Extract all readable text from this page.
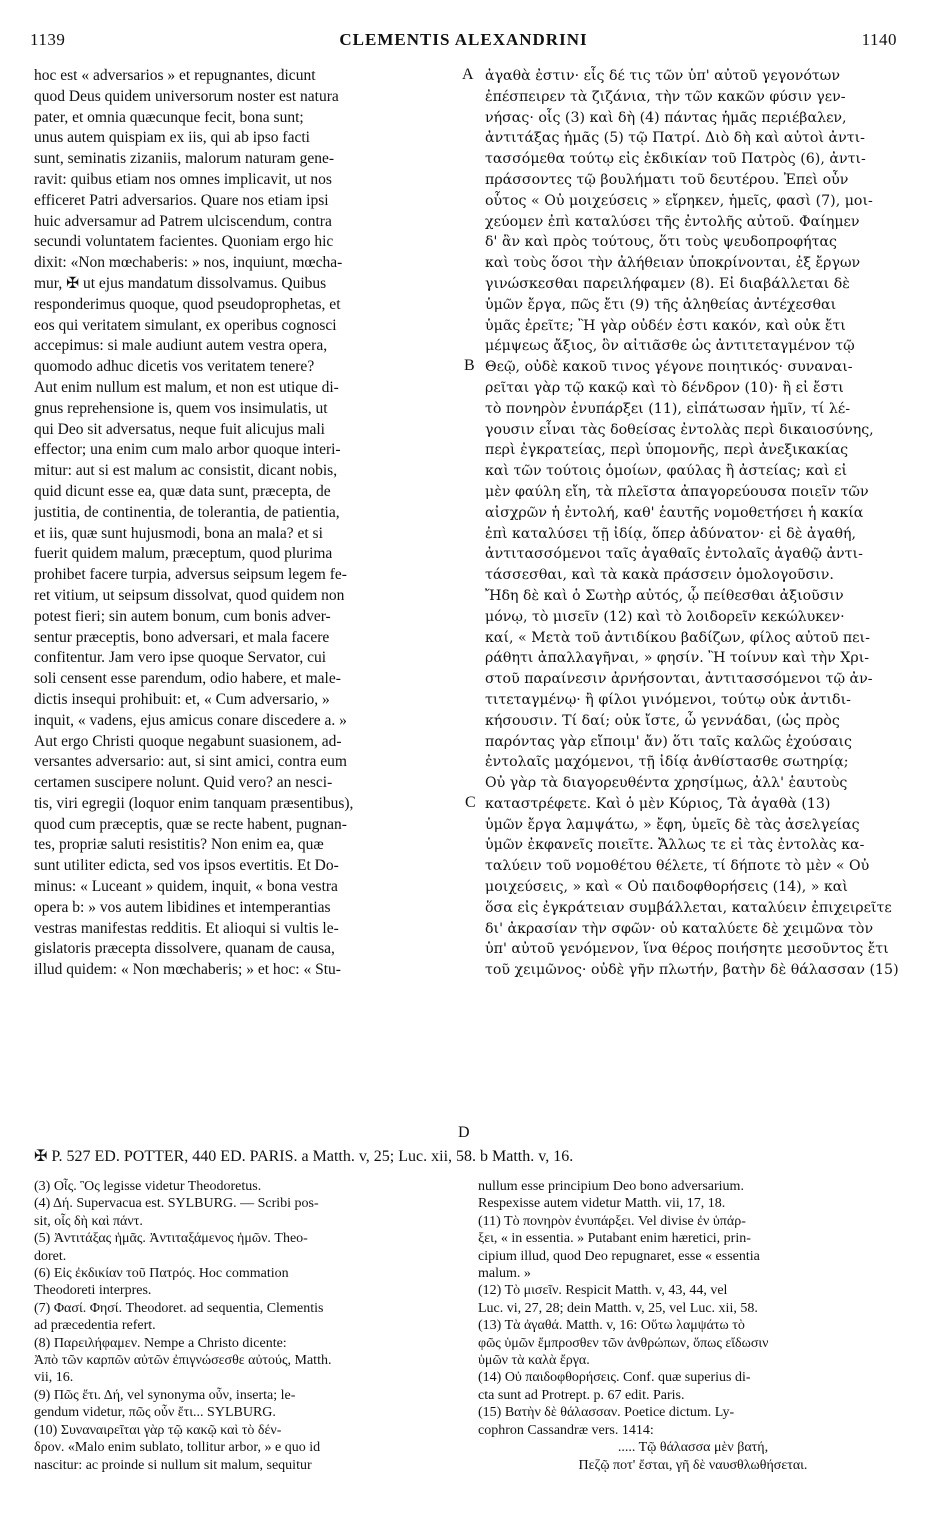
1139	CLEMENTIS ALEXANDRINI	1140
hoc est « adversarios » et repugnantes, dicunt
quod Deus quidem universorum noster est natura
pater, et omnia quæcunque fecit, bona sunt;
unus autem quispiam ex iis, qui ab ipso facti
sunt, seminatis zizaniis, malorum naturam gene-
ravit: quibus etiam nos omnes implicavit, ut nos
efficeret Patri adversarios. Quare nos etiam ipsi
huic adversamur ad Patrem ulciscendum, contra
secundi voluntatem facientes. Quoniam ergo hic
dixit: «Non mœchaberis: » nos, inquiunt, mœcha-
mur, ✠ ut ejus mandatum dissolvamus. Quibus
responderimus quoque, quod pseudoprophetas, et
eos qui veritatem simulant, ex operibus cognosci
accepimus: si male audiunt autem vestra opera,
quomodo adhuc dicetis vos veritatem tenere?
Aut enim nullum est malum, et non est utique di-
gnus reprehensione is, quem vos insimulatis, ut
qui Deo sit adversatus, neque fuit alicujus mali
effector; una enim cum malo arbor quoque interi-
mitur: aut si est malum ac consistit, dicant nobis,
quid dicunt esse ea, quæ data sunt, præcepta, de
justitia, de continentia, de tolerantia, de patientia,
et iis, quæ sunt hujusmodi, bona an mala? et si
fuerit quidem malum, præceptum, quod plurima
prohibet facere turpia, adversus seipsum legem fe-
ret vitium, ut seipsum dissolvat, quod quidem non
potest fieri; sin autem bonum, cum bonis adver-
sentur præceptis, bono adversari, et mala facere
confitentur. Jam vero ipse quoque Servator, cui
soli censent esse parendum, odio habere, et male-
dictis insequi prohibuit: et, « Cum adversario, »
inquit, « vadens, ejus amicus conare discedere a. »
Aut ergo Christi quoque negabunt suasionem, ad-
versantes adversario: aut, si sint amici, contra eum
certamen suscipere nolunt. Quid vero? an nesci-
tis, viri egregii (loquor enim tanquam præsentibus),
quod cum præceptis, quæ se recte habent, pugnan-
tes, propriæ saluti resistitis? Non enim ea, quæ
sunt utiliter edicta, sed vos ipsos evertitis. Et Do-
minus: « Luceant » quidem, inquit, « bona vestra
opera b: » vos autem libidines et intemperantias
vestras manifestas redditis. Et alioqui si vultis le-
gislatoris præcepta dissolvere, quanam de causa,
illud quidem: « Non mœchaberis; » et hoc: « Stu-
A
B
C
ἀγαθὰ ἐστιν· εἷς δέ τις τῶν ὑπ' αὐτοῦ γεγονότων
ἐπέσπειρεν τὰ ζιζάνια, τὴν τῶν κακῶν φύσιν γεν-
νήσας· οἷς (3) καὶ δὴ (4) πάντας ἡμᾶς περιέβαλεν,
ἀντιτάξας ἡμᾶς (5) τῷ Πατρί. Διὸ δὴ καὶ αὐτοὶ ἀντι-
τασσόμεθα τούτῳ εἰς ἐκδικίαν τοῦ Πατρὸς (6), ἀντι-
πράσσοντες τῷ βουλήματι τοῦ δευτέρου. Ἐπεὶ οὖν
οὗτος « Οὐ μοιχεύσεις » εἴρηκεν, ἡμεῖς, φασὶ (7), μοι-
χεύομεν ἐπὶ καταλύσει τῆς ἐντολῆς αὐτοῦ. Φαίημεν
δ' ἂν καὶ πρὸς τούτους, ὅτι τοὺς ψευδοπροφήτας
καὶ τοὺς ὅσοι τὴν ἀλήθειαν ὑποκρίνονται, ἐξ ἔργων
γινώσκεσθαι παρειλήφαμεν (8). Εἰ διαβάλλεται δὲ
ὑμῶν ἔργα, πῶς ἔτι (9) τῆς ἀληθείας ἀντέχεσθαι
ὑμᾶς ἐρεῖτε; Ἢ γὰρ οὐδέν ἐστι κακόν, καὶ οὐκ ἔτι
μέμψεως ἄξιος, ὃν αἰτιᾶσθε ὡς ἀντιτεταγμένον τῷ
Θεῷ, οὐδὲ κακοῦ τινος γέγονε ποιητικός· συναναι-
ρεῖται γὰρ τῷ κακῷ καὶ τὸ δένδρον (10)· ἢ εἰ ἔστι
τὸ πονηρὸν ἐνυπάρξει (11), εἰπάτωσαν ἡμῖν, τί λέ-
γουσιν εἶναι τὰς δοθείσας ἐντολὰς περὶ δικαιοσύνης,
περὶ ἐγκρατείας, περὶ ὑπομονῆς, περὶ ἀνεξικακίας
καὶ τῶν τούτοις ὁμοίων, φαύλας ἢ ἀστείας; καὶ εἰ
μὲν φαύλη εἴη, τὰ πλεῖστα ἀπαγορεύουσα ποιεῖν τῶν
αἰσχρῶν ἡ ἐντολή, καθ' ἑαυτῆς νομοθετήσει ἡ κακία
ἐπὶ καταλύσει τῇ ἰδίᾳ, ὅπερ ἀδύνατον· εἰ δὲ ἀγαθή,
ἀντιτασσόμενοι ταῖς ἀγαθαῖς ἐντολαῖς ἀγαθῷ ἀντι-
τάσσεσθαι, καὶ τὰ κακὰ πράσσειν ὁμολογοῦσιν.
Ἤδη δὲ καὶ ὁ Σωτὴρ αὐτός, ᾧ πείθεσθαι ἀξιοῦσιν
μόνῳ, τὸ μισεῖν (12) καὶ τὸ λοιδορεῖν κεκώλυκεν·
καί, « Μετὰ τοῦ ἀντιδίκου βαδίζων, φίλος αὐτοῦ πει-
ράθητι ἀπαλλαγῆναι, » φησίν. Ἢ τοίνυν καὶ τὴν Χρι-
στοῦ παραίνεσιν ἀρνήσονται, ἀντιτασσόμενοι τῷ ἀν-
τιτεταγμένῳ· ἢ φίλοι γινόμενοι, τούτῳ οὐκ ἀντιδι-
κήσουσιν. Τί δαί; οὐκ ἴστε, ὦ γεννάδαι, (ὡς πρὸς
παρόντας γὰρ εἴποιμ' ἄν) ὅτι ταῖς καλῶς ἐχούσαις
ἐντολαῖς μαχόμενοι, τῇ ἰδίᾳ ἀνθίστασθε σωτηρίᾳ;
Οὐ γὰρ τὰ διαγορευθέντα χρησίμως, ἀλλ' ἑαυτοὺς
καταστρέφετε. Καὶ ὁ μὲν Κύριος, Τὰ ἀγαθὰ (13)
ὑμῶν ἔργα λαμψάτω, » ἔφη, ὑμεῖς δὲ τὰς ἀσελγείας
ὑμῶν ἐκφανεῖς ποιεῖτε. Ἄλλως τε εἰ τὰς ἐντολὰς κα-
ταλύειν τοῦ νομοθέτου θέλετε, τί δήποτε τὸ μὲν « Οὐ
μοιχεύσεις, » καὶ « Οὐ παιδοφθορήσεις (14), » καὶ
ὅσα εἰς ἐγκράτειαν συμβάλλεται, καταλύειν ἐπιχειρεῖτε
δι' ἀκρασίαν τὴν σφῶν· οὐ καταλύετε δὲ χειμῶνα τὸν
ὑπ' αὐτοῦ γενόμενον, ἵνα θέρος ποιήσητε μεσοῦντος ἔτι
τοῦ χειμῶνος· οὐδὲ γῆν πλωτήν, βατὴν δὲ θάλασσαν (15)
D
✠ P. 527 ED. POTTER, 440 ED. PARIS. a Matth. v, 25; Luc. xii, 58. b Matth. v, 16.
(3) Οἷς. Ὃς legisse videtur Theodoretus.
(4) Δή. Supervacua est. SYLBURG. — Scribi pos-
sit, οἷς δὴ καὶ πάντ.
(5) Ἀντιτάξας ἡμᾶς. Ἀντιταξάμενος ἡμῶν. Theo-
doret.
(6) Εἰς ἐκδικίαν τοῦ Πατρός. Hoc commation
Theodoreti interpres.
(7) Φασί. Φησί. Theodoret. ad sequentia, Clementis
ad præcedentia refert.
(8) Παρειλήφαμεν. Nempe a Christo dicente:
Ἀπὸ τῶν καρπῶν αὐτῶν ἐπιγνώσεσθε αὐτούς, Matth.
vii, 16.
(9) Πῶς ἔτι. Δή, vel synonyma οὖν, inserta; le-
gendum videtur, πῶς οὖν ἔτι... SYLBURG.
(10) Συναναιρεῖται γὰρ τῷ κακῷ καὶ τὸ δέν-
δρον. «Malo enim sublato, tollitur arbor, » e quo id
nascitur: ac proinde si nullum sit malum, sequitur
nullum esse principium Deo bono adversarium.
Respexisse autem videtur Matth. vii, 17, 18.
(11) Τὸ πονηρὸν ἐνυπάρξει. Vel divise ἐν ὑπάρ-
ξει, « in essentia. » Putabant enim hæretici, prin-
cipium illud, quod Deo repugnaret, esse « essentia
malum. »
(12) Τὸ μισεῖν. Respicit Matth. v, 43, 44, vel
Luc. vi, 27, 28; dein Matth. v, 25, vel Luc. xii, 58.
(13) Τὰ ἀγαθά. Matth. v, 16: Οὕτω λαμψάτω τὸ
φῶς ὑμῶν ἔμπροσθεν τῶν ἀνθρώπων, ὅπως εἴδωσιν
ὑμῶν τὰ καλὰ ἔργα.
(14) Οὐ παιδοφθορήσεις. Conf. quæ superius di-
cta sunt ad Protrept. p. 67 edit. Paris.
(15) Βατὴν δὲ θάλασσαν. Poetice dictum. Ly-
cophron Cassandræ vers. 1414:
..... Τῷ θάλασσα μὲν βατή,
Πεζῷ ποτ' ἔσται, γῆ δὲ ναυσθλωθήσεται.
